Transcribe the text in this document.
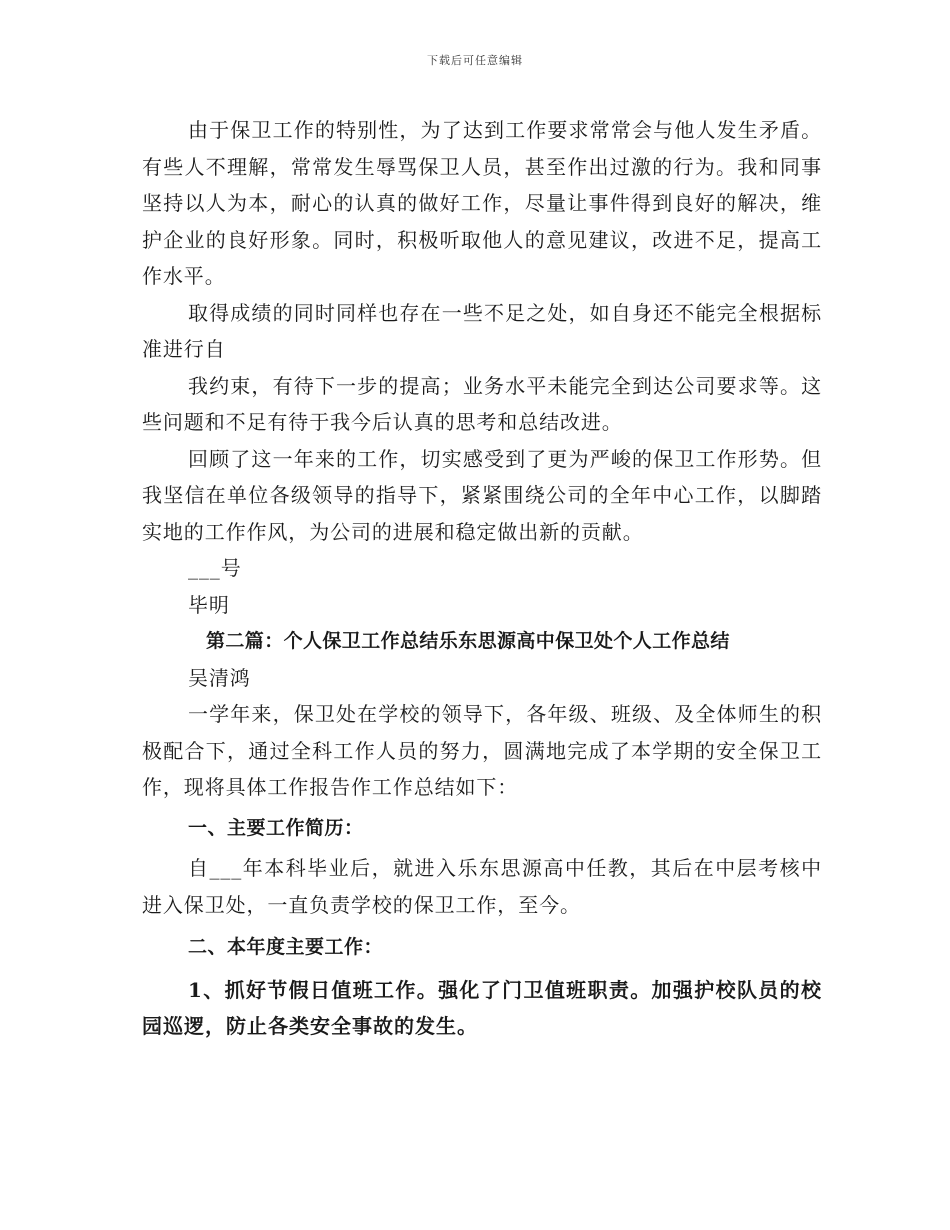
下载后可任意编辑

由于保卫工作的特别性，为了达到工作要求常常会与他人发生矛盾。有些人不理解，常常发生辱骂保卫人员，甚至作出过激的行为。我和同事坚持以人为本，耐心的认真的做好工作，尽量让事件得到良好的解决，维护企业的良好形象。同时，积极听取他人的意见建议，改进不足，提高工作水平。

取得成绩的同时同样也存在一些不足之处，如自身还不能完全根据标准进行自

我约束，有待下一步的提高；业务水平未能完全到达公司要求等。这些问题和不足有待于我今后认真的思考和总结改进。

回顾了这一年来的工作，切实感受到了更为严峻的保卫工作形势。但我坚信在单位各级领导的指导下，紧紧围绕公司的全年中心工作，以脚踏实地的工作作风，为公司的进展和稳定做出新的贡献。

___号

毕明

第二篇：个人保卫工作总结乐东思源高中保卫处个人工作总结

吴清鸿

一学年来，保卫处在学校的领导下，各年级、班级、及全体师生的积极配合下，通过全科工作人员的努力，圆满地完成了本学期的安全保卫工作，现将具体工作报告作工作总结如下：

一、主要工作简历：

自___年本科毕业后，就进入乐东思源高中任教，其后在中层考核中进入保卫处，一直负责学校的保卫工作，至今。

二、本年度主要工作：

1、抓好节假日值班工作。强化了门卫值班职责。加强护校队员的校园巡逻，防止各类安全事故的发生。
